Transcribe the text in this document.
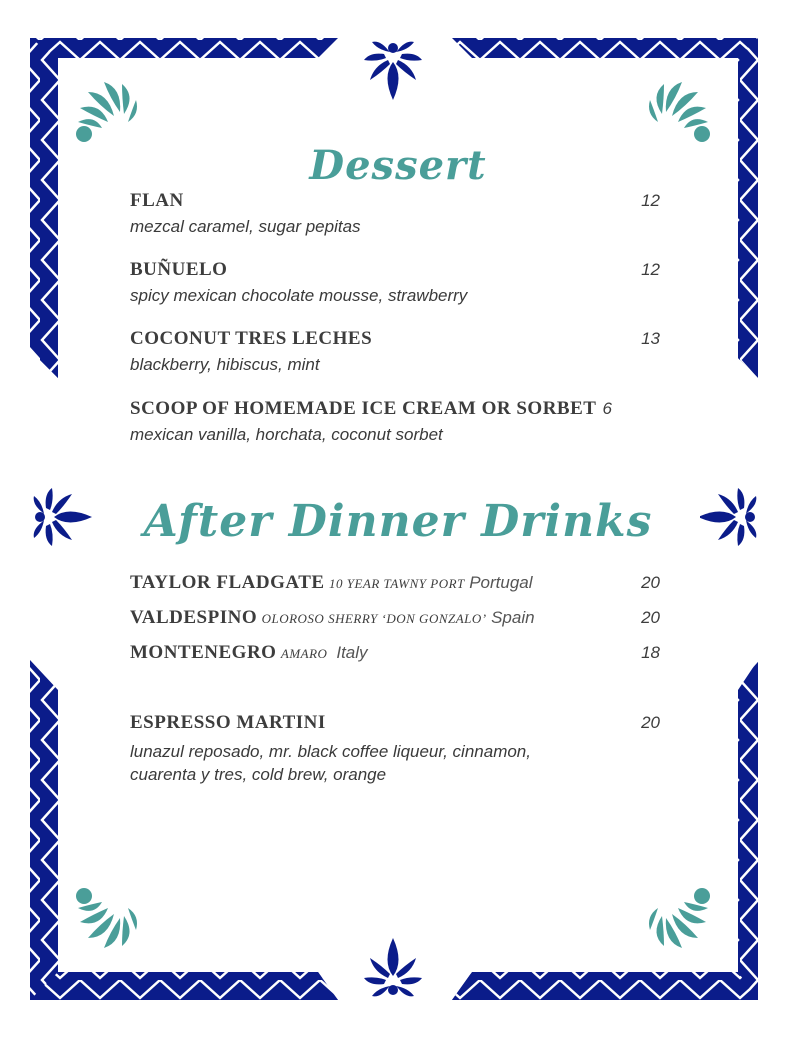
Dessert
FLAN	12
mezcal caramel, sugar pepitas
BUÑUELO	12
spicy mexican chocolate mousse, strawberry
COCONUT TRES LECHES	13
blackberry, hibiscus, mint
SCOOP OF HOMEMADE ICE CREAM OR SORBET 6
mexican vanilla, horchata, coconut sorbet
After Dinner Drinks
TAYLOR FLADGATE 10 YEAR TAWNY PORT Portugal	20
VALDESPINO OLOROSO SHERRY ‘DON GONZALO’ Spain	20
MONTENEGRO AMARO Italy	18
ESPRESSO MARTINI	20
lunazul reposado, mr. black coffee liqueur, cinnamon,
cuarenta y tres, cold brew, orange
